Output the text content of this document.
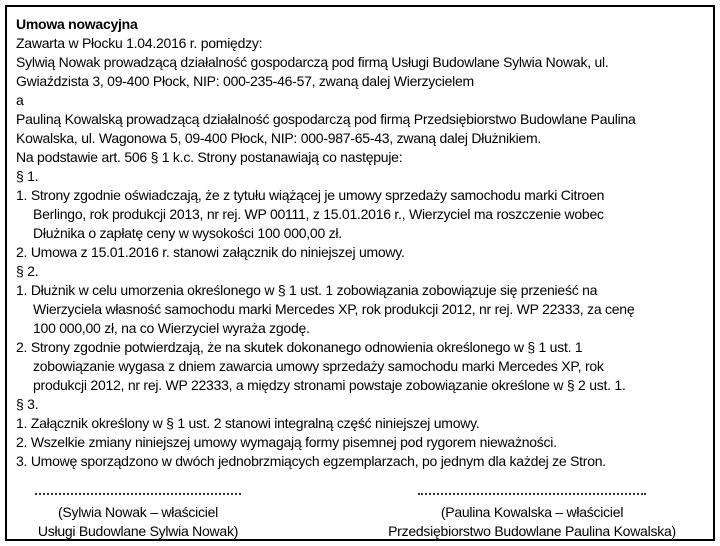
Umowa nowacyjna
Zawarta w Płocku 1.04.2016 r. pomiędzy:
Sylwią Nowak prowadzącą działalność gospodarczą pod firmą Usługi Budowlane Sylwia Nowak, ul.
Gwiaździsta 3, 09-400 Płock, NIP: 000-235-46-57, zwaną dalej Wierzycielem
a
Pauliną Kowalską prowadzącą działalność gospodarczą pod firmą Przedsiębiorstwo Budowlane Paulina
Kowalska, ul. Wagonowa 5, 09-400 Płock, NIP: 000-987-65-43, zwaną dalej Dłużnikiem.
Na podstawie art. 506 § 1 k.c. Strony postanawiają co następuje:
§ 1.
1. Strony zgodnie oświadczają, że z tytułu wiążącej je umowy sprzedaży samochodu marki Citroen
Berlingo, rok produkcji 2013, nr rej. WP 00111, z 15.01.2016 r., Wierzyciel ma roszczenie wobec
Dłużnika o zapłatę ceny w wysokości 100 000,00 zł.
2. Umowa z 15.01.2016 r. stanowi załącznik do niniejszej umowy.
§ 2.
1. Dłużnik w celu umorzenia określonego w § 1 ust. 1 zobowiązania zobowiązuje się przenieść na
Wierzyciela własność samochodu marki Mercedes XP, rok produkcji 2012, nr rej. WP 22333, za cenę
100 000,00 zł, na co Wierzyciel wyraża zgodę.
2. Strony zgodnie potwierdzają, że na skutek dokonanego odnowienia określonego w § 1 ust. 1
zobowiązanie wygasa z dniem zawarcia umowy sprzedaży samochodu marki Mercedes XP, rok
produkcji 2012, nr rej. WP 22333, a między stronami powstaje zobowiązanie określone w § 2 ust. 1.
§ 3.
1. Załącznik określony w § 1 ust. 2 stanowi integralną część niniejszej umowy.
2. Wszelkie zmiany niniejszej umowy wymagają formy pisemnej pod rygorem nieważności.
3. Umowę sporządzono w dwóch jednobrzmiących egzemplarzach, po jednym dla każdej ze Stron.
(Sylwia Nowak – właściciel
Usługi Budowlane Sylwia Nowak)
(Paulina Kowalska – właściciel
Przedsiębiorstwo Budowlane Paulina Kowalska)
